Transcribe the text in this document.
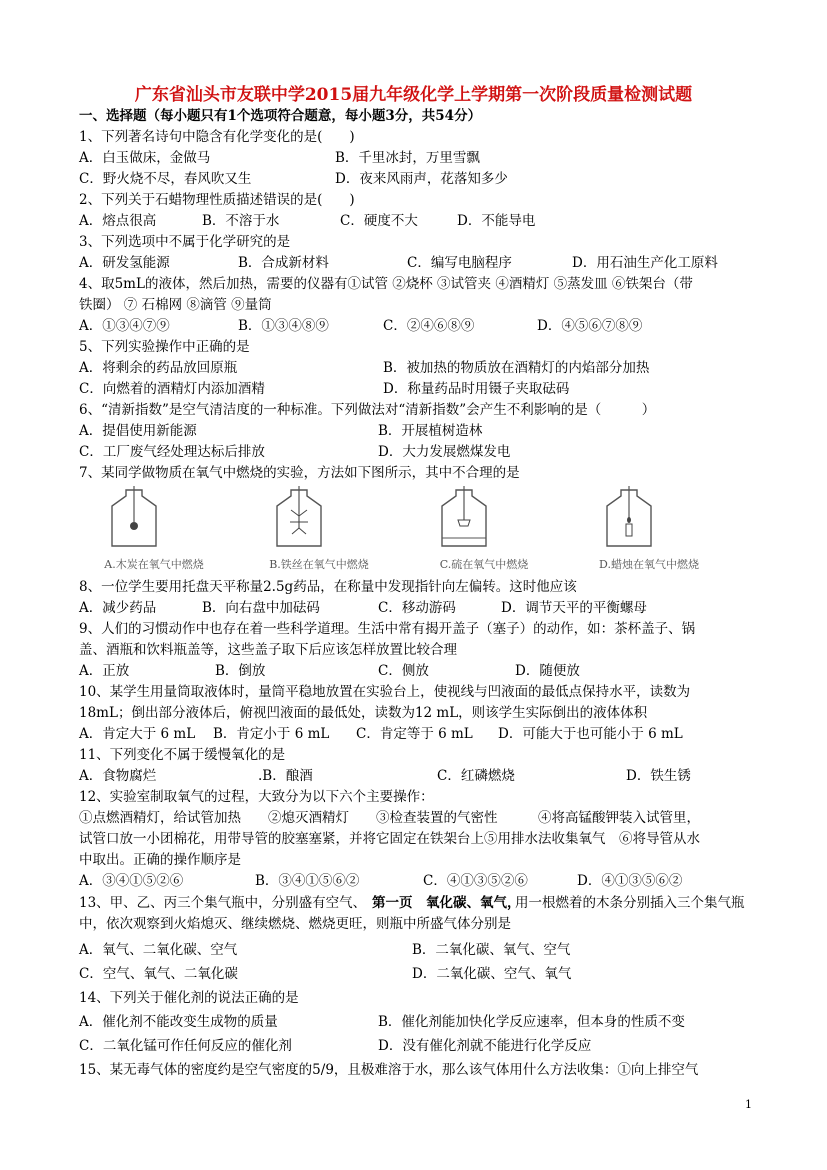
广东省汕头市友联中学2015届九年级化学上学期第一次阶段质量检测试题
一、选择题（每小题只有1个选项符合题意，每小题3分，共54分）
1、下列著名诗句中隐含有化学变化的是(　　)
A．白玉做床，金做马	B．千里冰封，万里雪飘
C．野火烧不尽，春风吹又生	D．夜来风雨声，花落知多少
2、下列关于石蜡物理性质描述错误的是(　　)
A．熔点很高	B．不溶于水	C．硬度不大	D．不能导电
3、下列选项中不属于化学研究的是
A．研发氢能源	B．合成新材料	C．编写电脑程序	D．用石油生产化工原料
4、取5mL的液体，然后加热，需要的仪器有①试管 ②烧杯 ③试管夹 ④酒精灯 ⑤蒸发皿 ⑥铁架台（带
铁圈） ⑦ 石棉网 ⑧滴管 ⑨量筒
A．①③④⑦⑨	B．①③④⑧⑨	C．②④⑥⑧⑨	D．④⑤⑥⑦⑧⑨
5、下列实验操作中正确的是
A．将剩余的药品放回原瓶	B．被加热的物质放在酒精灯的内焰部分加热
C．向燃着的酒精灯内添加酒精	D．称量药品时用镊子夹取砝码
6、“清新指数”是空气清洁度的一种标准。下列做法对“清新指数”会产生不利影响的是（　　　）
A．提倡使用新能源	B．开展植树造林
C．工厂废气经处理达标后排放	D．大力发展燃煤发电
7、某同学做物质在氧气中燃烧的实验，方法如下图所示，其中不合理的是
A.木炭在氧气中燃烧	B.铁丝在氧气中燃烧	C.硫在氧气中燃烧	D.蜡烛在氧气中燃烧
8、一位学生要用托盘天平称量2.5g药品，在称量中发现指针向左偏转。这时他应该
A．减少药品	B．向右盘中加砝码	C．移动游码	D．调节天平的平衡螺母
9、人们的习惯动作中也存在着一些科学道理。生活中常有揭开盖子（塞子）的动作，如：茶杯盖子、锅
盖、酒瓶和饮料瓶盖等，这些盖子取下后应该怎样放置比较合理
A．正放	B．倒放	C．侧放	D．随便放
10、某学生用量筒取液体时，量筒平稳地放置在实验台上，使视线与凹液面的最低点保持水平，读数为
18mL；倒出部分液体后，俯视凹液面的最低处，读数为12 mL，则该学生实际倒出的液体体积
A．肯定大于 6 mL B．肯定小于 6 mL C．肯定等于 6 mL D．可能大于也可能小于 6 mL
11、下列变化不属于缓慢氧化的是
A．食物腐烂	.B．酿酒	C．红磷燃烧	D．铁生锈
12、实验室制取氧气的过程，大致分为以下六个主要操作：
①点燃酒精灯，给试管加热　　②熄灭酒精灯　　③检查装置的气密性　　　④将高锰酸钾装入试管里，
试管口放一小团棉花，用带导管的胶塞塞紧，并将它固定在铁架台上⑤用排水法收集氧气　⑥将导管从水
中取出。正确的操作顺序是
A．③④①⑤②⑥	B．③④①⑤⑥②	C．④①③⑤②⑥	D．④①③⑤⑥②
13、甲、乙、丙三个集气瓶中，分别盛有空气、 第一页　氧化碳、氧气，
用一根燃着的木条分别插入三个集气瓶
中，依次观察到火焰熄灭、继续燃烧、燃烧更旺，则瓶中所盛气体分别是
A．氧气、二氧化碳、空气	B．二氧化碳、氧气、空气
C．空气、氧气、二氧化碳	D．二氧化碳、空气、氧气
14、下列关于催化剂的说法正确的是
A．催化剂不能改变生成物的质量	B．催化剂能加快化学反应速率，但本身的性质不变
C．二氧化锰可作任何反应的催化剂	D．没有催化剂就不能进行化学反应
15、某无毒气体的密度约是空气密度的5/9，且极难溶于水，那么该气体用什么方法收集：①向上排空气
1
